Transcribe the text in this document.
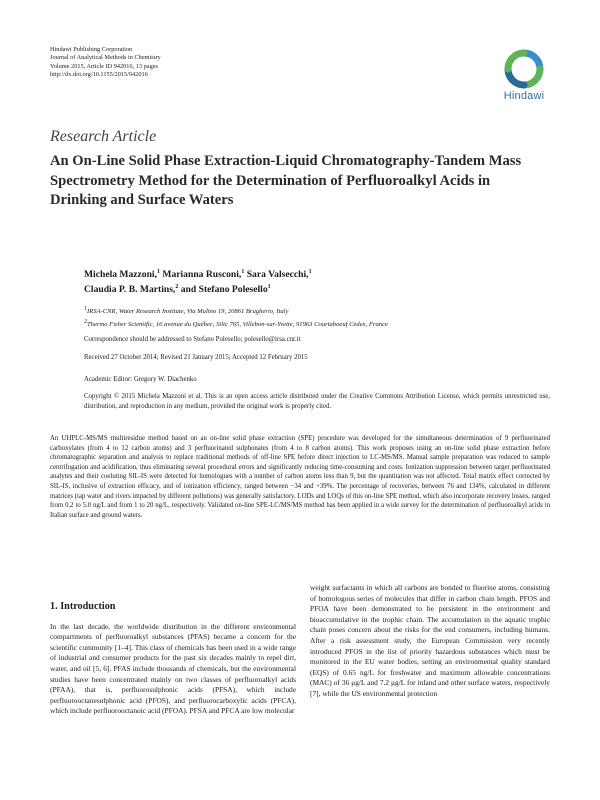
Hindawi Publishing Corporation
Journal of Analytical Methods in Chemistry
Volume 2015, Article ID 942016, 13 pages
http://dx.doi.org/10.1155/2015/942016
Hindawi
Research Article
An On-Line Solid Phase Extraction-Liquid Chromatography-Tandem Mass Spectrometry Method for the Determination of Perfluoroalkyl Acids in Drinking and Surface Waters
Michela Mazzoni,$^1$ Marianna Rusconi,$^1$ Sara Valsecchi,$^1$
Claudia P. B. Martins,$^2$ and Stefano Polesello$^1$
$^1$IRSA-CNR, Water Research Institute, Via Mulino 19, 20861 Brugherio, Italy
$^2$Thermo Fisher Scientific, 16 avenue du Québec, Silic 765, Villebon-sur-Yvette, 91963 Courtaboeuf Cedex, France
Correspondence should be addressed to Stefano Polesello; polesello@irsa.cnr.it
Received 27 October 2014; Revised 21 January 2015; Accepted 12 February 2015
Academic Editor: Gregory W. Diachenko
Copyright © 2015 Michela Mazzoni et al. This is an open access article distributed under the Creative Commons Attribution License, which permits unrestricted use, distribution, and reproduction in any medium, provided the original work is properly cited.
An UHPLC-MS/MS multiresidue method based on an on-line solid phase extraction (SPE) procedure was developed for the simultaneous determination of 9 perfluorinated carboxylates (from 4 to 12 carbon atoms) and 3 perfluorinated sulphonates (from 4 to 8 carbon atoms). This work proposes using an on-line solid phase extraction before chromatographic separation and analysis to replace traditional methods of off-line SPE before direct injection to LC-MS/MS. Manual sample preparation was reduced to sample centrifugation and acidification, thus eliminating several procedural errors and significantly reducing time-consuming and costs. Ionization suppression between target perfluorinated analytes and their coeluting SIL-IS were detected for homologues with a number of carbon atoms less than 9, but the quantitation was not affected. Total matrix effect corrected by SIL-IS, inclusive of extraction efficacy, and of ionization efficiency, ranged between −34 and +39%. The percentage of recoveries, between 76 and 134%, calculated in different matrices (tap water and rivers impacted by different pollutions) was generally satisfactory. LODs and LOQs of this on-line SPE method, which also incorporate recovery losses, ranged from 0.2 to 5.0 ng/L and from 1 to 20 ng/L, respectively. Validated on-line SPE-LC/MS/MS method has been applied in a wide survey for the determination of perfluoroalkyl acids in Italian surface and ground waters.
1. Introduction

In the last decade, the worldwide distribution in the different environmental compartments of perfluoroalkyl substances (PFAS) became a concern for the scientific community [1–4]. This class of chemicals has been used in a wide range of industrial and consumer products for the past six decades mainly to repel dirt, water, and oil [5, 6]. PFAS include thousands of chemicals, but the environmental studies have been concentrated mainly on two classes of perfluoroalkyl acids (PFAA), that is, perfluorosulphonic acids (PFSA), which include perfluorooctanesulphonic acid (PFOS), and perfluorocarboxylic acids (PFCA), which include perfluorooctanoic acid (PFOA). PFSA and PFCA are low molecular

weight surfactants in which all carbons are bonded to fluorine atoms, consisting of homologous series of molecules that differ in carbon chain length. PFOS and PFOA have been demonstrated to be persistent in the environment and bioaccumulative in the trophic chain. The accumulation in the aquatic trophic chain poses concern about the risks for the end consumers, including humans. After a risk assessment study, the European Commission very recently introduced PFOS in the list of priority hazardous substances which must be monitored in the EU water bodies, setting an environmental quality standard (EQS) of 0.65 ng/L for freshwater and maximum allowable concentrations (MAC) of 36 μg/L and 7.2 μg/L for inland and other surface waters, respectively [7], while the US environmental protection
